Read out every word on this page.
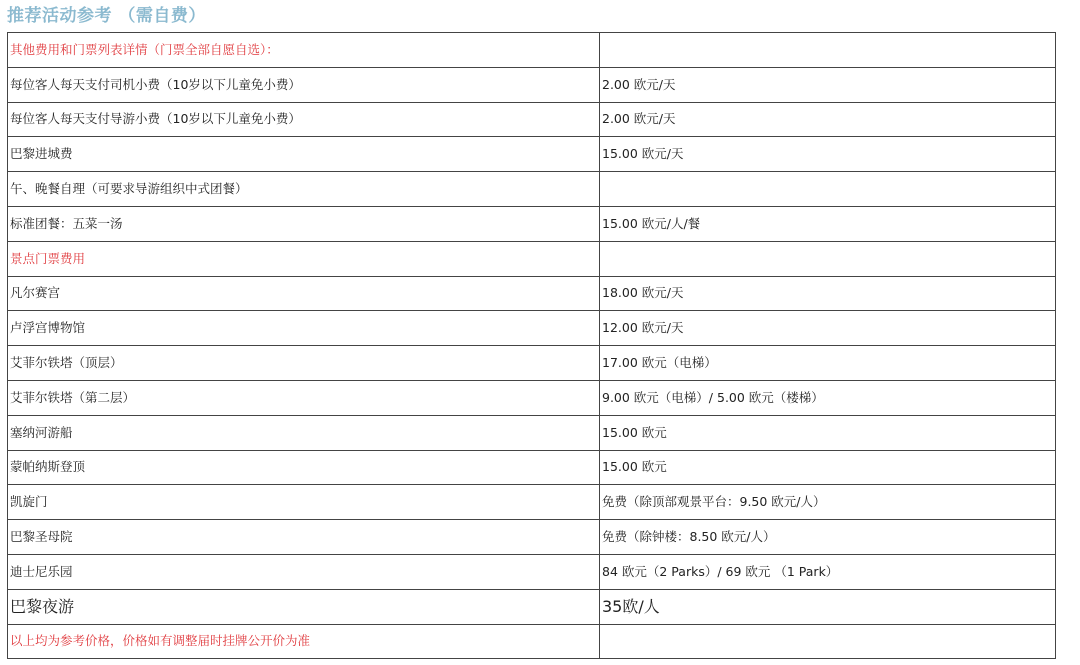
推荐活动参考 （需自费）
其他费用和门票列表详情（门票全部自愿自选）：	
每位客人每天支付司机小费（10岁以下儿童免小费）	2.00 欧元/天
每位客人每天支付导游小费（10岁以下儿童免小费）	2.00 欧元/天
巴黎进城费	15.00 欧元/天
午、晚餐自理（可要求导游组织中式团餐）	
标准团餐：五菜一汤	15.00 欧元/人/餐
景点门票费用	
凡尔赛宫	18.00 欧元/天
卢浮宫博物馆	12.00 欧元/天
艾菲尔铁塔（顶层）	17.00 欧元（电梯）
艾菲尔铁塔（第二层）	9.00 欧元（电梯）/ 5.00 欧元（楼梯）
塞纳河游船	15.00 欧元
蒙帕纳斯登顶	15.00 欧元
凯旋门	免费（除顶部观景平台：9.50 欧元/人）
巴黎圣母院	免费（除钟楼：8.50 欧元/人）
迪士尼乐园	84 欧元（2 Parks）/ 69 欧元 （1 Park）
巴黎夜游	35欧/人
以上均为参考价格，价格如有调整届时挂牌公开价为准	
